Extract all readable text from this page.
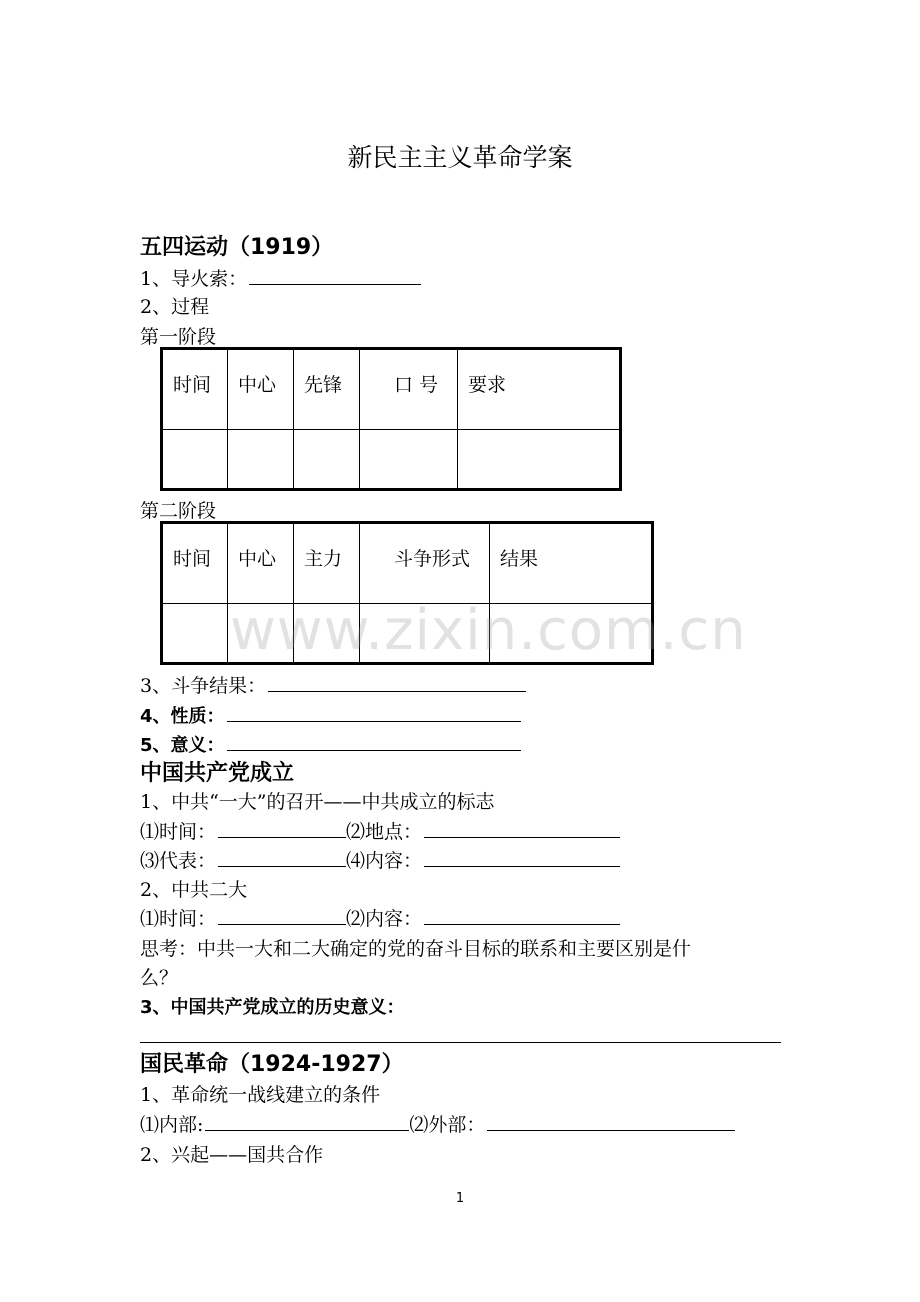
新民主主义革命学案
五四运动（1919）
1、导火索：
2、过程
第一阶段
时间	中心	先锋	口 号	要求

第二阶段
时间	中心	主力	斗争形式	结果

www.zixin.com.cn
3、斗争结果：
4、性质：
5、意义：
中国共产党成立
1、中共“一大”的召开——中共成立的标志
⑴时间：	⑵地点：
⑶代表：	⑷内容：
2、中共二大
⑴时间：	⑵内容：
思考：中共一大和二大确定的党的奋斗目标的联系和主要区别是什
么？
3、中国共产党成立的历史意义：
国民革命（1924-1927）
1、革命统一战线建立的条件
⑴内部:	⑵外部：
2、兴起——国共合作
1
